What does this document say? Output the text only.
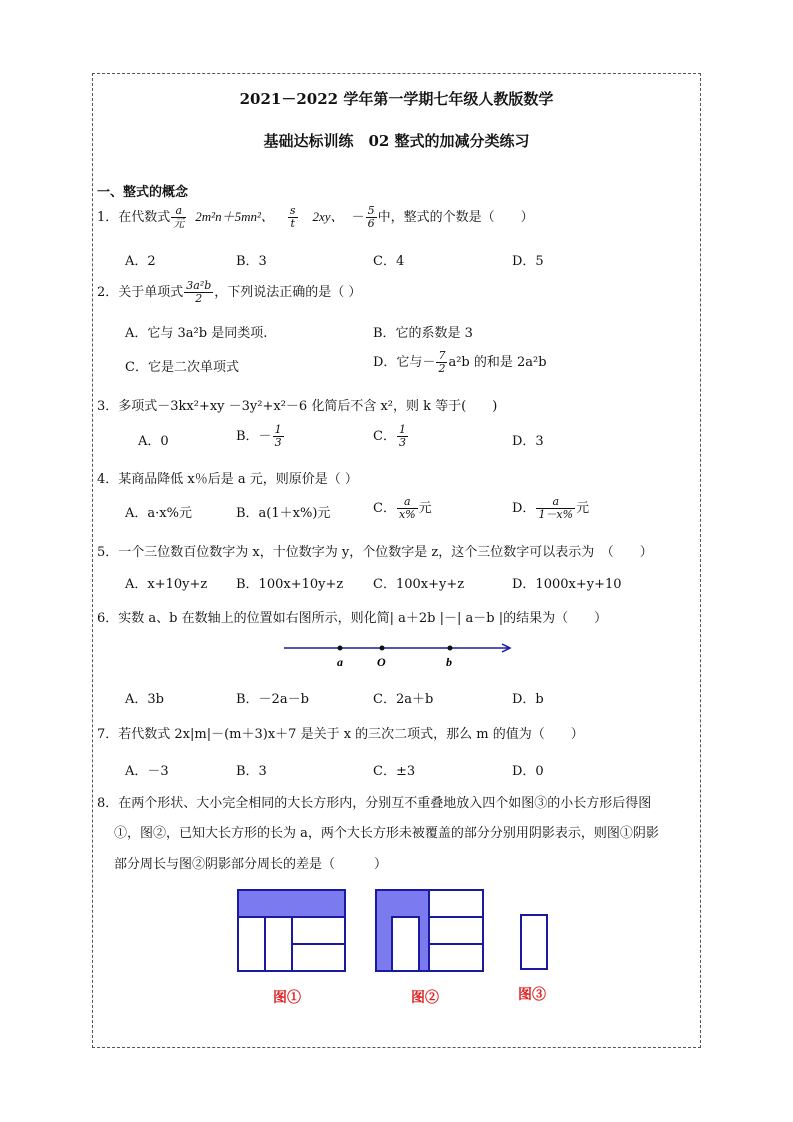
2021－2022 学年第一学期七年级人教版数学
基础达标训练　02 整式的加减分类练习
一、整式的概念
1．在代数式 $\frac{a}{\text{元}} 2m^2n+5mn^2$、 $\frac{s}{t} 2xy$、 － $\frac{5}{6}$ 中，整式的个数是（　　）
A．2	B．3	C．4	D．5
2．关于单项式 $\frac{\text{3a²b}}{2}$ ，下列说法正确的是（ ）
A．它与 3a²b 是同类项.	B．它的系数是 3
C．它是二次单项式	D．它与－ $\frac{7}{2} a^2b$ 的和是 2a²b
3．多项式－3kx²+xy －3y²+x²－6 化简后不含 x²，则 k 等于(　　)
A．0	B．－ $\frac{1}{3}$	C． $\frac{1}{3}$	D．3
4．某商品降低 x％后是 a 元，则原价是（ ）
A．a·x%元	B．a(1＋x%)元	C． $\frac{a}{x\%}$ 元	D． $\frac{a}{1-x\%}$ 元
5．一个三位数百位数字为 x，十位数字为 y，个位数字是 z，这个三位数字可以表示为　（　　）
A．x+10y+z B．100x+10y+z C．100x+y+z	D．1000x+y+10
6．实数 a、b 在数轴上的位置如右图所示，则化简| a＋2b |－| a－b |的结果为（　　）
a	O	b
A．3b	B．－2a－b	C．2a＋b	D．b
7．若代数式 2x|m|－(m＋3)x＋7 是关于 x 的三次二项式，那么 m 的值为（　　）
A．－3	B．3	C．±3	D．0
8．在两个形状、大小完全相同的大长方形内，分别互不重叠地放入四个如图③的小长方形后得图
①，图②，已知大长方形的长为 a，两个大长方形未被覆盖的部分分别用阴影表示，则图①阴影
部分周长与图②阴影部分周长的差是（　　　）
图①	图②	图③
